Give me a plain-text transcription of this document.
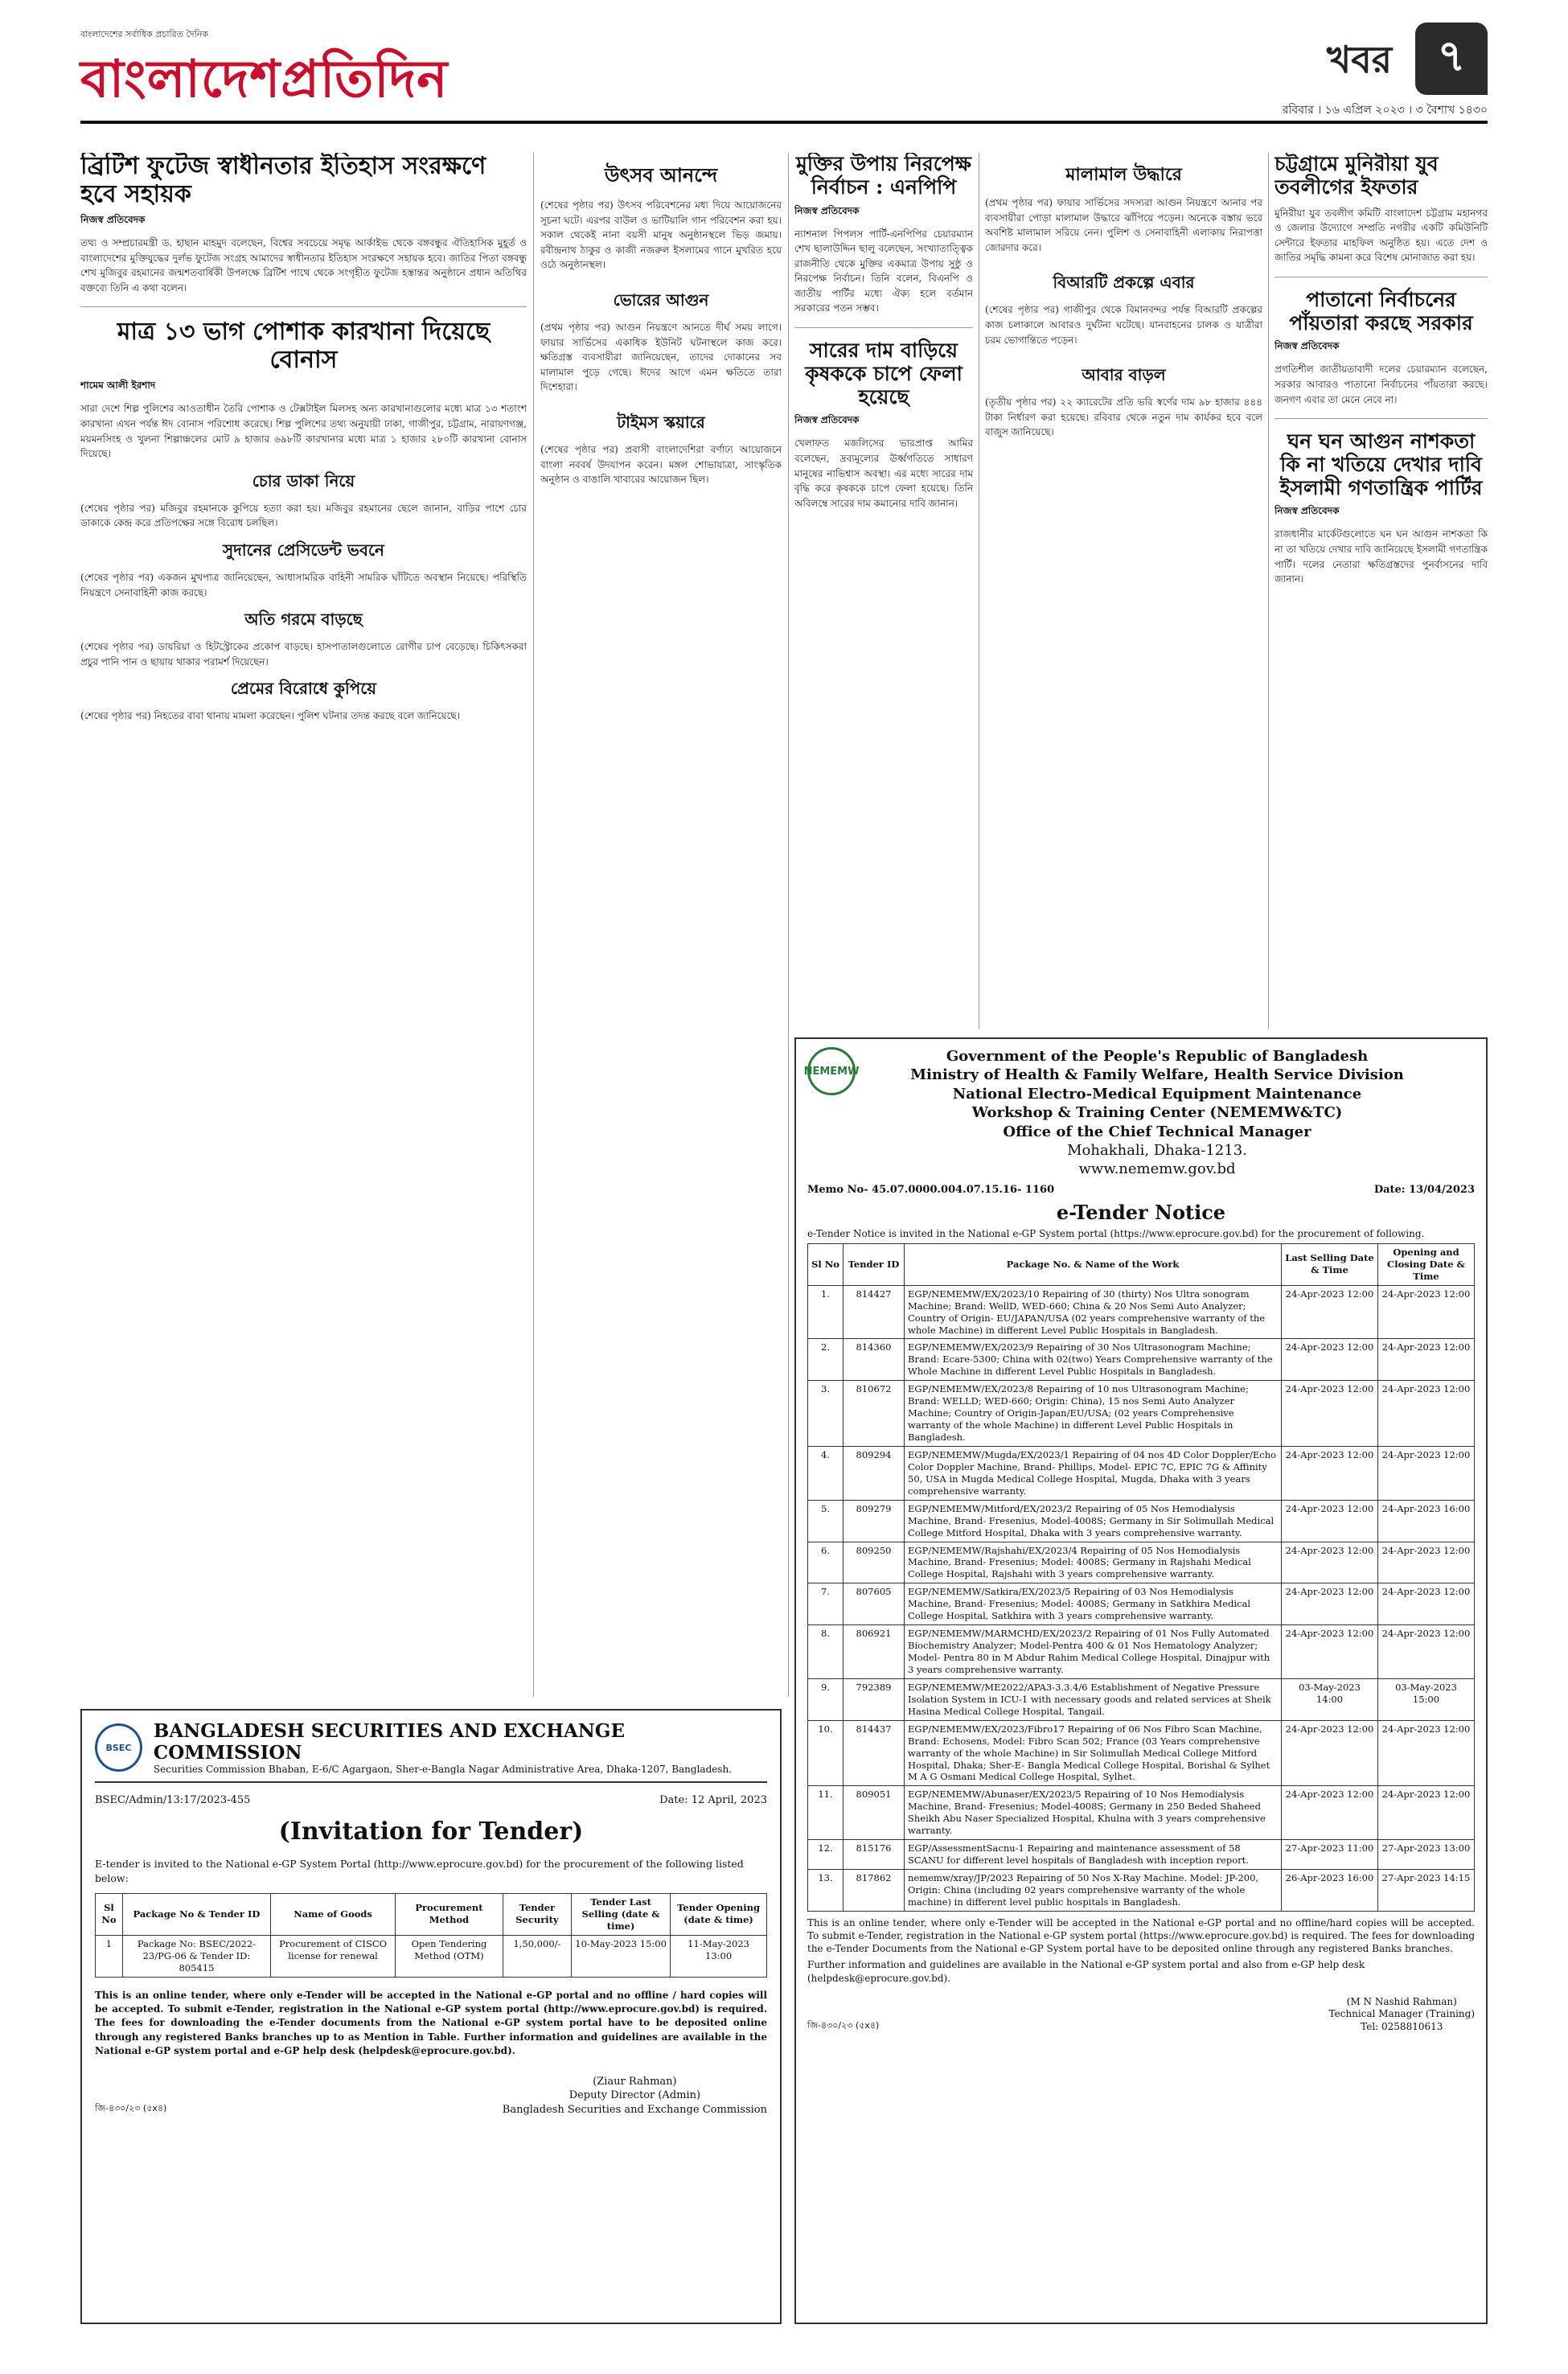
বাংলাদেশের সর্বাধিক প্রচারিত দৈনিক
বাংলাদেশপ্রতিদিন	খবর	৭
রবিবার । ১৬ এপ্রিল ২০২৩ । ৩ বৈশাখ ১৪৩০
ব্রিটিশ ফুটেজ স্বাধীনতার ইতিহাস সংরক্ষণে হবে সহায়ক
নিজস্ব প্রতিবেদক

তথ্য ও সম্প্রচারমন্ত্রী ড. হাছান মাহমুদ বলেছেন, বিশ্বের সবচেয়ে সমৃদ্ধ আর্কাইভ থেকে বঙ্গবন্ধুর ঐতিহাসিক মুহূর্ত ও বাংলাদেশের মুক্তিযুদ্ধের দুর্লভ ফুটেজ সংগ্রহ আমাদের স্বাধীনতার ইতিহাস সংরক্ষণে সহায়ক হবে। জাতির পিতা বঙ্গবন্ধু শেখ মুজিবুর রহমানের জন্মশতবার্ষিকী উপলক্ষে ব্রিটিশ পাথে থেকে সংগৃহীত ফুটেজ হস্তান্তর অনুষ্ঠানে প্রধান অতিথির বক্তব্যে তিনি এ কথা বলেন।

মাত্র ১৩ ভাগ পোশাক কারখানা দিয়েছে বোনাস
শামেম আলী ইরশাদ

সারা দেশে শিল্প পুলিশের আওতাধীন তৈরি পোশাক ও টেক্সটাইল মিলসহ অন্য কারখানাগুলোর মধ্যে মাত্র ১৩ শতাংশ কারখানা এখন পর্যন্ত ঈদ বোনাস পরিশোধ করেছে। শিল্প পুলিশের তথ্য অনুযায়ী ঢাকা, গাজীপুর, চট্টগ্রাম, নারায়ণগঞ্জ, ময়মনসিংহ ও খুলনা শিল্পাঞ্চলের মোট ৯ হাজার ৬৯৮টি কারখানার মধ্যে মাত্র ১ হাজার ২৮০টি কারখানা বোনাস দিয়েছে।

চোর ডাকা নিয়ে

(শেষের পৃষ্ঠার পর) মজিবুর রহমানকে কুপিয়ে হত্যা করা হয়। মজিবুর রহমানের ছেলে জানান, বাড়ির পাশে চোর ডাকাকে কেন্দ্র করে প্রতিপক্ষের সঙ্গে বিরোধ চলছিল।

সুদানের প্রেসিডেন্ট ভবনে

(শেষের পৃষ্ঠার পর) একজন মুখপাত্র জানিয়েছেন, আধাসামরিক বাহিনী সামরিক ঘাঁটিতে অবস্থান নিয়েছে। পরিস্থিতি নিয়ন্ত্রণে সেনাবাহিনী কাজ করছে।

অতি গরমে বাড়ছে

(শেষের পৃষ্ঠার পর) ডায়রিয়া ও হিটস্ট্রোকের প্রকোপ বাড়ছে। হাসপাতালগুলোতে রোগীর চাপ বেড়েছে। চিকিৎসকরা প্রচুর পানি পান ও ছায়ায় থাকার পরামর্শ দিয়েছেন।

প্রেমের বিরোধে কুপিয়ে

(শেষের পৃষ্ঠার পর) নিহতের বাবা থানায় মামলা করেছেন। পুলিশ ঘটনার তদন্ত করছে বলে জানিয়েছে।

উৎসব আনন্দে

(শেষের পৃষ্ঠার পর) উৎসব পরিবেশনের মধ্য দিয়ে আয়োজনের সূচনা ঘটে। এরপর বাউল ও ভাটিয়ালি গান পরিবেশন করা হয়। সকাল থেকেই নানা বয়সী মানুষ অনুষ্ঠানস্থলে ভিড় জমায়। রবীন্দ্রনাথ ঠাকুর ও কাজী নজরুল ইসলামের গানে মুখরিত হয়ে ওঠে অনুষ্ঠানস্থল।

ভোরের আগুন

(প্রথম পৃষ্ঠার পর) আগুন নিয়ন্ত্রণে আনতে দীর্ঘ সময় লাগে। ফায়ার সার্ভিসের একাধিক ইউনিট ঘটনাস্থলে কাজ করে। ক্ষতিগ্রস্ত ব্যবসায়ীরা জানিয়েছেন, তাদের দোকানের সব মালামাল পুড়ে গেছে। ঈদের আগে এমন ক্ষতিতে তারা দিশেহারা।

টাইমস স্কয়ারে

(শেষের পৃষ্ঠার পর) প্রবাসী বাংলাদেশিরা বর্ণাঢ্য আয়োজনে বাংলা নববর্ষ উদযাপন করেন। মঙ্গল শোভাযাত্রা, সাংস্কৃতিক অনুষ্ঠান ও বাঙালি খাবারের আয়োজন ছিল।

মুক্তির উপায় নিরপেক্ষ নির্বাচন : এনপিপি
নিজস্ব প্রতিবেদক

ন্যাশনাল পিপলস পার্টি-এনপিপির চেয়ারম্যান শেখ ছালাউদ্দিন ছালু বলেছেন, সংখ্যাতাত্ত্বিক রাজনীতি থেকে মুক্তির একমাত্র উপায় সুষ্ঠু ও নিরপেক্ষ নির্বাচন। তিনি বলেন, বিএনপি ও জাতীয় পার্টির মধ্যে ঐক্য হলে বর্তমান সরকারের পতন সম্ভব।

সারের দাম বাড়িয়ে কৃষককে চাপে ফেলা হয়েছে
নিজস্ব প্রতিবেদক

খেলাফত মজলিসের ভারপ্রাপ্ত আমির বলেছেন, দ্রব্যমূল্যের ঊর্ধ্বগতিতে সাধারণ মানুষের নাভিশ্বাস অবস্থা। এর মধ্যে সারের দাম বৃদ্ধি করে কৃষককে চাপে ফেলা হয়েছে। তিনি অবিলম্বে সারের দাম কমানোর দাবি জানান।

মালামাল উদ্ধারে

(প্রথম পৃষ্ঠার পর) ফায়ার সার্ভিসের সদস্যরা আগুন নিয়ন্ত্রণে আনার পর ব্যবসায়ীরা পোড়া মালামাল উদ্ধারে ঝাঁপিয়ে পড়েন। অনেকে বস্তায় ভরে অবশিষ্ট মালামাল সরিয়ে নেন। পুলিশ ও সেনাবাহিনী এলাকায় নিরাপত্তা জোরদার করে।

বিআরটি প্রকল্পে এবার

(শেষের পৃষ্ঠার পর) গাজীপুর থেকে বিমানবন্দর পর্যন্ত বিআরটি প্রকল্পের কাজ চলাকালে আবারও দুর্ঘটনা ঘটেছে। যানবাহনের চালক ও যাত্রীরা চরম ভোগান্তিতে পড়েন।

আবার বাড়ল

(তৃতীয় পৃষ্ঠার পর) ২২ ক্যারেটের প্রতি ভরি স্বর্ণের দাম ৯৮ হাজার ৪৪৪ টাকা নির্ধারণ করা হয়েছে। রবিবার থেকে নতুন দাম কার্যকর হবে বলে বাজুস জানিয়েছে।

চট্টগ্রামে মুনিরীয়া যুব তবলীগের ইফতার

মুনিরীয়া যুব তবলীগ কমিটি বাংলাদেশ চট্টগ্রাম মহানগর ও জেলার উদ্যোগে সম্প্রতি নগরীর একটি কমিউনিটি সেন্টারে ইফতার মাহফিল অনুষ্ঠিত হয়। এতে দেশ ও জাতির সমৃদ্ধি কামনা করে বিশেষ মোনাজাত করা হয়।

পাতানো নির্বাচনের পাঁয়তারা করছে সরকার
নিজস্ব প্রতিবেদক

প্রগতিশীল জাতীয়তাবাদী দলের চেয়ারম্যান বলেছেন, সরকার আবারও পাতানো নির্বাচনের পাঁয়তারা করছে। জনগণ এবার তা মেনে নেবে না।

ঘন ঘন আগুন নাশকতা কি না খতিয়ে দেখার দাবি ইসলামী গণতান্ত্রিক পার্টির
নিজস্ব প্রতিবেদক

রাজধানীর মার্কেটগুলোতে ঘন ঘন আগুন নাশকতা কি না তা খতিয়ে দেখার দাবি জানিয়েছে ইসলামী গণতান্ত্রিক পার্টি। দলের নেতারা ক্ষতিগ্রস্তদের পুনর্বাসনের দাবি জানান।

NEMEMW
Government of the People's Republic of Bangladesh
Ministry of Health & Family Welfare, Health Service Division
National Electro-Medical Equipment Maintenance
Workshop & Training Center (NEMEMW&TC)
Office of the Chief Technical Manager
Mohakhali, Dhaka-1213.
www.nememw.gov.bd
Memo No- 45.07.0000.004.07.15.16- 1160	Date: 13/04/2023
e-Tender Notice
e-Tender Notice is invited in the National e-GP System portal (https://www.eprocure.gov.bd) for the procurement of following.
Sl No	Tender ID	Package No. & Name of the Work	Last Selling Date & Time	Opening and Closing Date & Time
1.	814427	EGP/NEMEMW/EX/2023/10 Repairing of 30 (thirty) Nos Ultra sonogram Machine; Brand: WellD, WED-660; China & 20 Nos Semi Auto Analyzer; Country of Origin- EU/JAPAN/USA (02 years comprehensive warranty of the whole Machine) in different Level Public Hospitals in Bangladesh.	24-Apr-2023 12:00	24-Apr-2023 12:00
2.	814360	EGP/NEMEMW/EX/2023/9 Repairing of 30 Nos Ultrasonogram Machine; Brand: Ecare-5300; China with 02(two) Years Comprehensive warranty of the Whole Machine in different Level Public Hospitals in Bangladesh.	24-Apr-2023 12:00	24-Apr-2023 12:00
3.	810672	EGP/NEMEMW/EX/2023/8 Repairing of 10 nos Ultrasonogram Machine; Brand: WELLD; WED-660; Origin: China), 15 nos Semi Auto Analyzer Machine; Country of Origin-Japan/EU/USA; (02 years Comprehensive warranty of the whole Machine) in different Level Public Hospitals in Bangladesh.	24-Apr-2023 12:00	24-Apr-2023 12:00
4.	809294	EGP/NEMEMW/Mugda/EX/2023/1 Repairing of 04 nos 4D Color Doppler/Echo Color Doppler Machine, Brand- Phillips, Model- EPIC 7C, EPIC 7G & Affinity 50, USA in Mugda Medical College Hospital, Mugda, Dhaka with 3 years comprehensive warranty.	24-Apr-2023 12:00	24-Apr-2023 12:00
5.	809279	EGP/NEMEMW/Mitford/EX/2023/2 Repairing of 05 Nos Hemodialysis Machine, Brand- Fresenius, Model-4008S; Germany in Sir Solimullah Medical College Mitford Hospital, Dhaka with 3 years comprehensive warranty.	24-Apr-2023 12:00	24-Apr-2023 16:00
6.	809250	EGP/NEMEMW/Rajshahi/EX/2023/4 Repairing of 05 Nos Hemodialysis Machine, Brand- Fresenius; Model: 4008S; Germany in Rajshahi Medical College Hospital, Rajshahi with 3 years comprehensive warranty.	24-Apr-2023 12:00	24-Apr-2023 12:00
7.	807605	EGP/NEMEMW/Satkira/EX/2023/5 Repairing of 03 Nos Hemodialysis Machine, Brand- Fresenius; Model: 4008S; Germany in Satkhira Medical College Hospital, Satkhira with 3 years comprehensive warranty.	24-Apr-2023 12:00	24-Apr-2023 12:00
8.	806921	EGP/NEMEMW/MARMCHD/EX/2023/2 Repairing of 01 Nos Fully Automated Biochemistry Analyzer; Model-Pentra 400 & 01 Nos Hematology Analyzer; Model- Pentra 80 in M Abdur Rahim Medical College Hospital, Dinajpur with 3 years comprehensive warranty.	24-Apr-2023 12:00	24-Apr-2023 12:00
9.	792389	EGP/NEMEMW/ME2022/APA3-3.3.4/6 Establishment of Negative Pressure Isolation System in ICU-1 with necessary goods and related services at Sheik Hasina Medical College Hospital, Tangail.	03-May-2023 14:00	03-May-2023 15:00
10.	814437	EGP/NEMEMW/EX/2023/Fibro17 Repairing of 06 Nos Fibro Scan Machine, Brand: Echosens, Model: Fibro Scan 502; France (03 Years comprehensive warranty of the whole Machine) in Sir Solimullah Medical College Mitford Hospital, Dhaka; Sher-E- Bangla Medical College Hospital, Borishal & Sylhet M A G Osmani Medical College Hospital, Sylhet.	24-Apr-2023 12:00	24-Apr-2023 12:00
11.	809051	EGP/NEMEMW/Abunaser/EX/2023/5 Repairing of 10 Nos Hemodialysis Machine, Brand- Fresenius; Model-4008S; Germany in 250 Beded Shaheed Sheikh Abu Naser Specialized Hospital, Khulna with 3 years comprehensive warranty.	24-Apr-2023 12:00	24-Apr-2023 12:00
12.	815176	EGP/AssessmentSacnu-1 Repairing and maintenance assessment of 58 SCANU for different level hospitals of Bangladesh with inception report.	27-Apr-2023 11:00	27-Apr-2023 13:00
13.	817862	nememw/xray/JP/2023 Repairing of 50 Nos X-Ray Machine. Model: JP-200, Origin: China (including 02 years comprehensive warranty of the whole machine) in different level public hospitals in Bangladesh.	26-Apr-2023 16:00	27-Apr-2023 14:15
This is an online tender, where only e-Tender will be accepted in the National e-GP portal and no offline/hard copies will be accepted. To submit e-Tender, registration in the National e-GP system portal (https://www.eprocure.gov.bd) is required. The fees for downloading the e-Tender Documents from the National e-GP System portal have to be deposited online through any registered Banks branches.
Further information and guidelines are available in the National e-GP system portal and also from e-GP help desk (helpdesk@eprocure.gov.bd).
জি-৪৩০/২৩ (৫x৪)
(M N Nashid Rahman)
Technical Manager (Training)
Tel: 0258810613
BSEC
BANGLADESH SECURITIES AND EXCHANGE COMMISSION
Securities Commission Bhaban, E-6/C Agargaon, Sher-e-Bangla Nagar Administrative Area, Dhaka-1207, Bangladesh.
BSEC/Admin/13:17/2023-455	Date: 12 April, 2023
(Invitation for Tender)
E-tender is invited to the National e-GP System Portal (http://www.eprocure.gov.bd) for the procurement of the following listed below:
Sl No	Package No & Tender ID	Name of Goods	Procurement Method	Tender Security	Tender Last Selling (date & time)	Tender Opening (date & time)
1	Package No: BSEC/2022-23/PG-06 & Tender ID: 805415	Procurement of CISCO license for renewal	Open Tendering Method (OTM)	1,50,000/-	10-May-2023 15:00	11-May-2023 13:00
This is an online tender, where only e-Tender will be accepted in the National e-GP portal and no offline / hard copies will be accepted. To submit e-Tender, registration in the National e-GP system portal (http://www.eprocure.gov.bd) is required. The fees for downloading the e-Tender documents from the National e-GP system portal have to be deposited online through any registered Banks branches up to as Mention in Table. Further information and guidelines are available in the National e-GP system portal and e-GP help desk (helpdesk@eprocure.gov.bd).
জি-৪৩০/২৩ (৫x৪)
(Ziaur Rahman)
Deputy Director (Admin)
Bangladesh Securities and Exchange Commission
